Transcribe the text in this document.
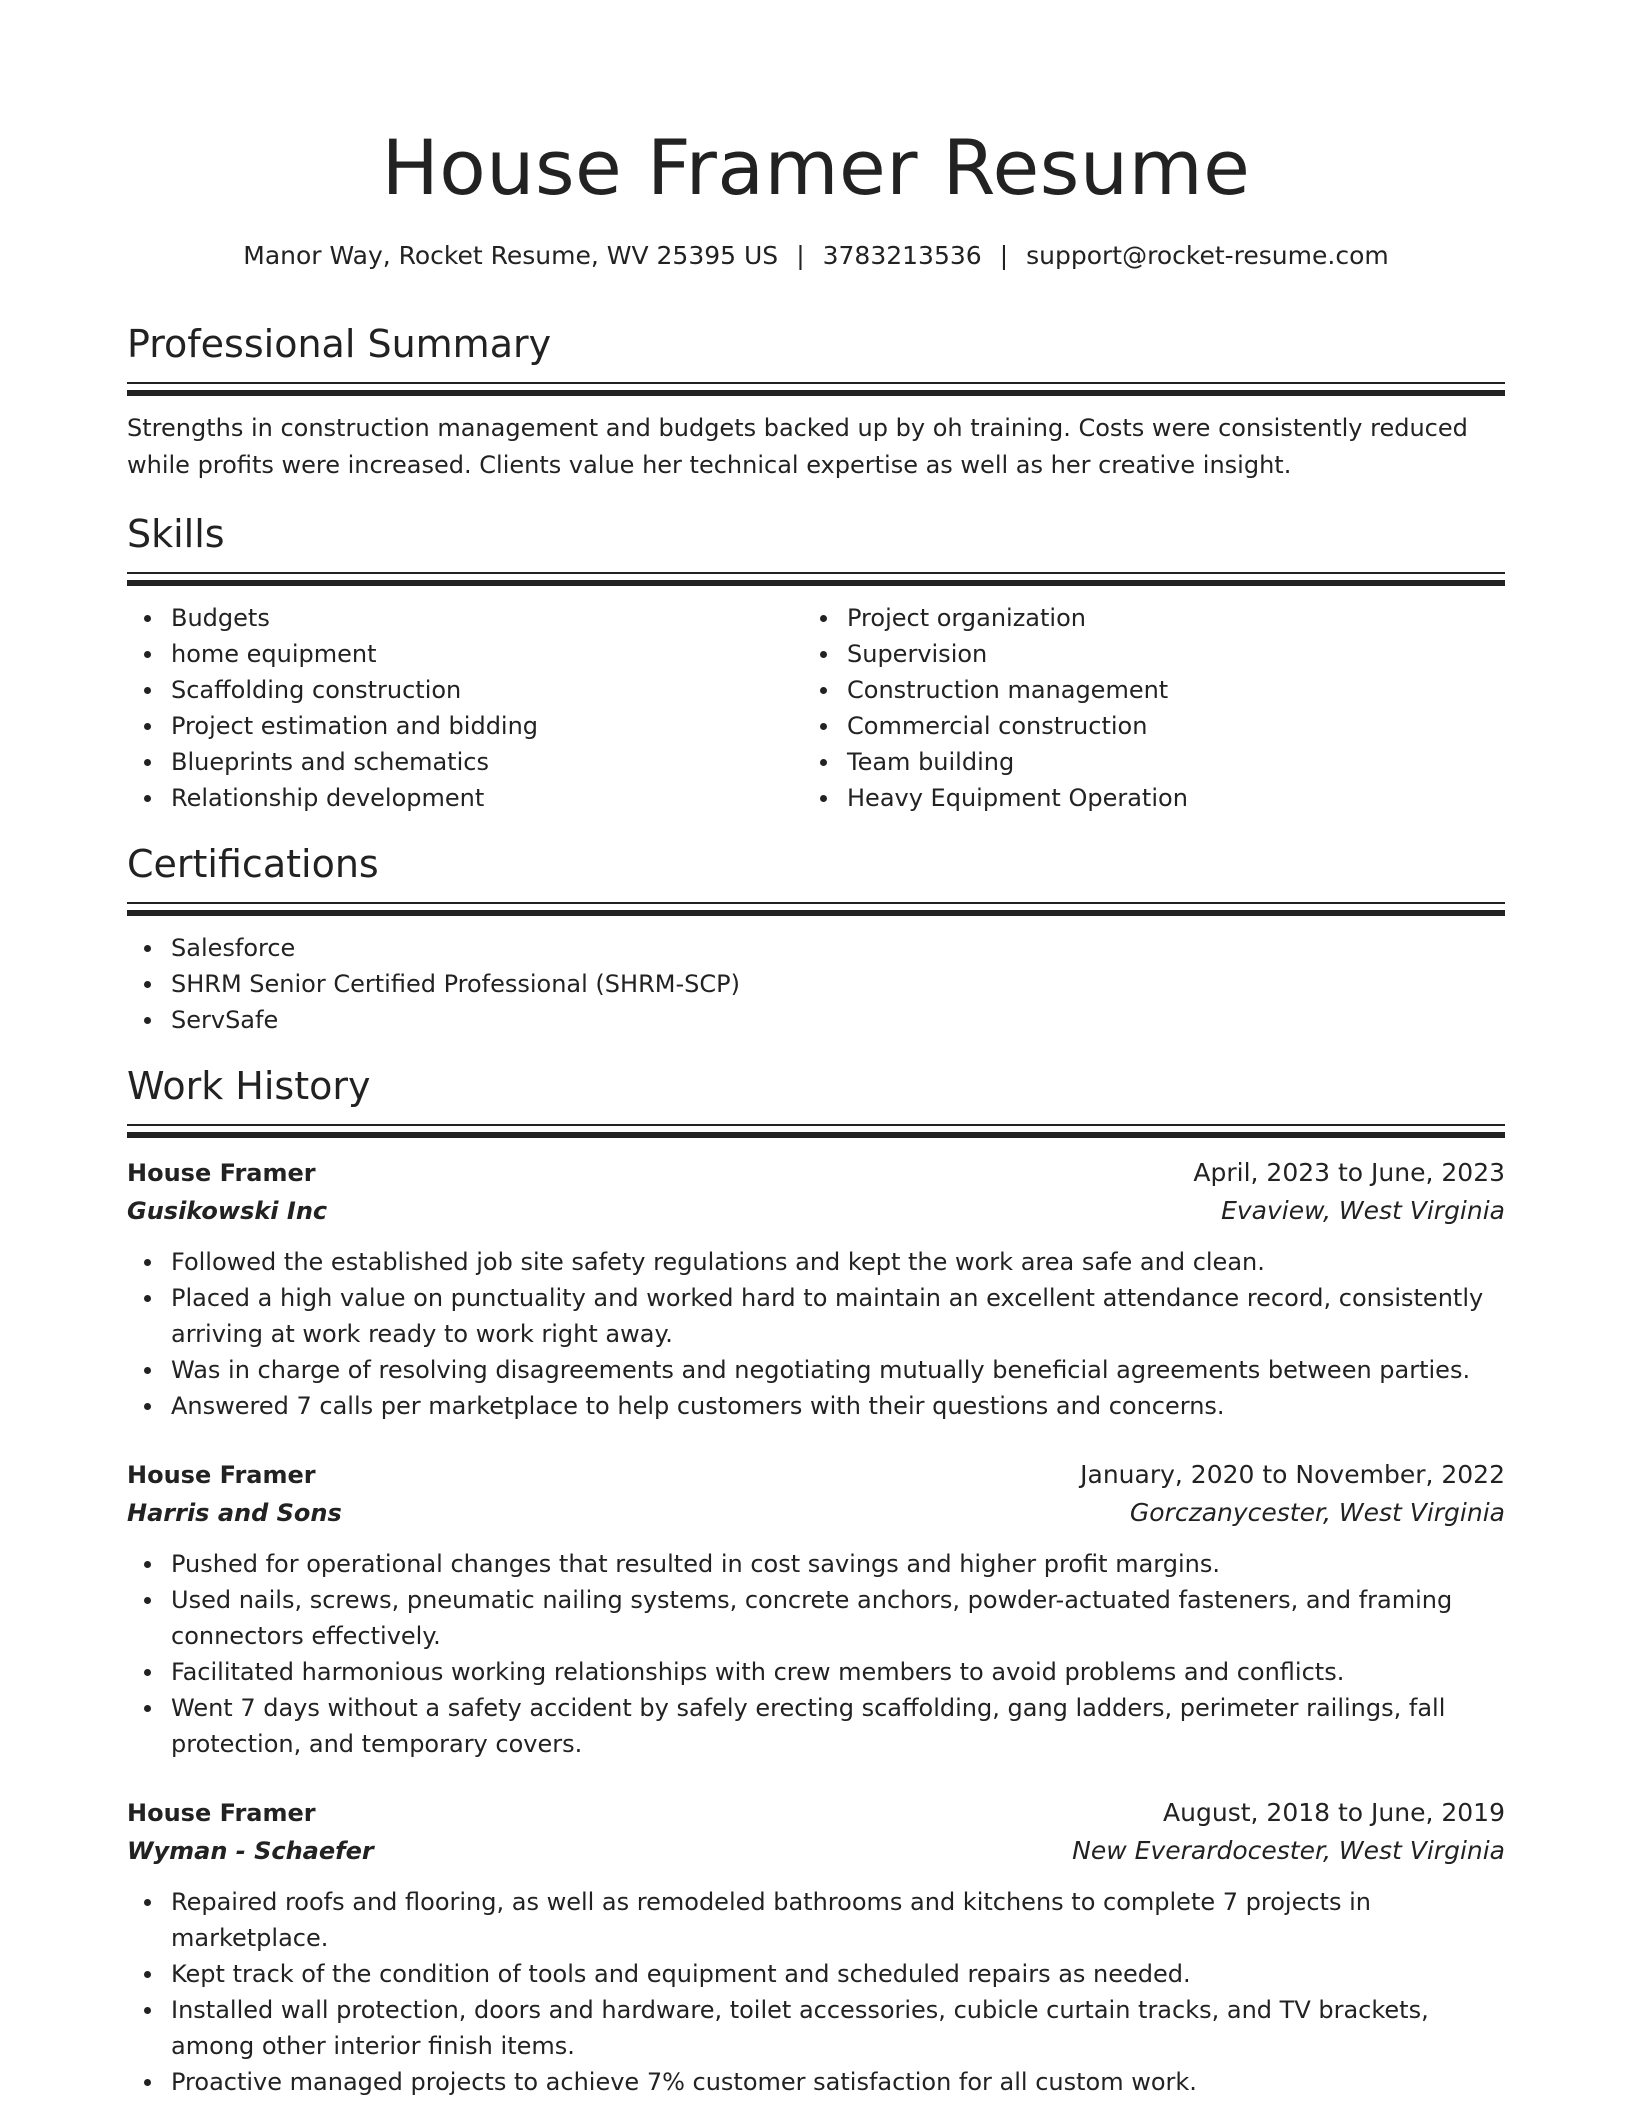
House Framer Resume
Manor Way, Rocket Resume, WV 25395 US | 3783213536 | support@rocket-resume.com
Professional Summary

Strengths in construction management and budgets backed up by oh training. Costs were consistently reduced while profits were increased. Clients value her technical expertise as well as her creative insight.

Skills
Budgets
home equipment
Scaffolding construction
Project estimation and bidding
Blueprints and schematics
Relationship development
Project organization
Supervision
Construction management
Commercial construction
Team building
Heavy Equipment Operation
Certifications
Salesforce
SHRM Senior Certified Professional (SHRM-SCP)
ServSafe
Work History
House Framer	April, 2023 to June, 2023
Gusikowski Inc	Evaview, West Virginia
Followed the established job site safety regulations and kept the work area safe and clean.
Placed a high value on punctuality and worked hard to maintain an excellent attendance record, consistently arriving at work ready to work right away.
Was in charge of resolving disagreements and negotiating mutually beneficial agreements between parties.
Answered 7 calls per marketplace to help customers with their questions and concerns.
House Framer	January, 2020 to November, 2022
Harris and Sons	Gorczanycester, West Virginia
Pushed for operational changes that resulted in cost savings and higher profit margins.
Used nails, screws, pneumatic nailing systems, concrete anchors, powder-actuated fasteners, and framing connectors effectively.
Facilitated harmonious working relationships with crew members to avoid problems and conflicts.
Went 7 days without a safety accident by safely erecting scaffolding, gang ladders, perimeter railings, fall protection, and temporary covers.
House Framer	August, 2018 to June, 2019
Wyman - Schaefer	New Everardocester, West Virginia
Repaired roofs and flooring, as well as remodeled bathrooms and kitchens to complete 7 projects in marketplace.
Kept track of the condition of tools and equipment and scheduled repairs as needed.
Installed wall protection, doors and hardware, toilet accessories, cubicle curtain tracks, and TV brackets, among other interior finish items.
Proactive managed projects to achieve 7% customer satisfaction for all custom work.
